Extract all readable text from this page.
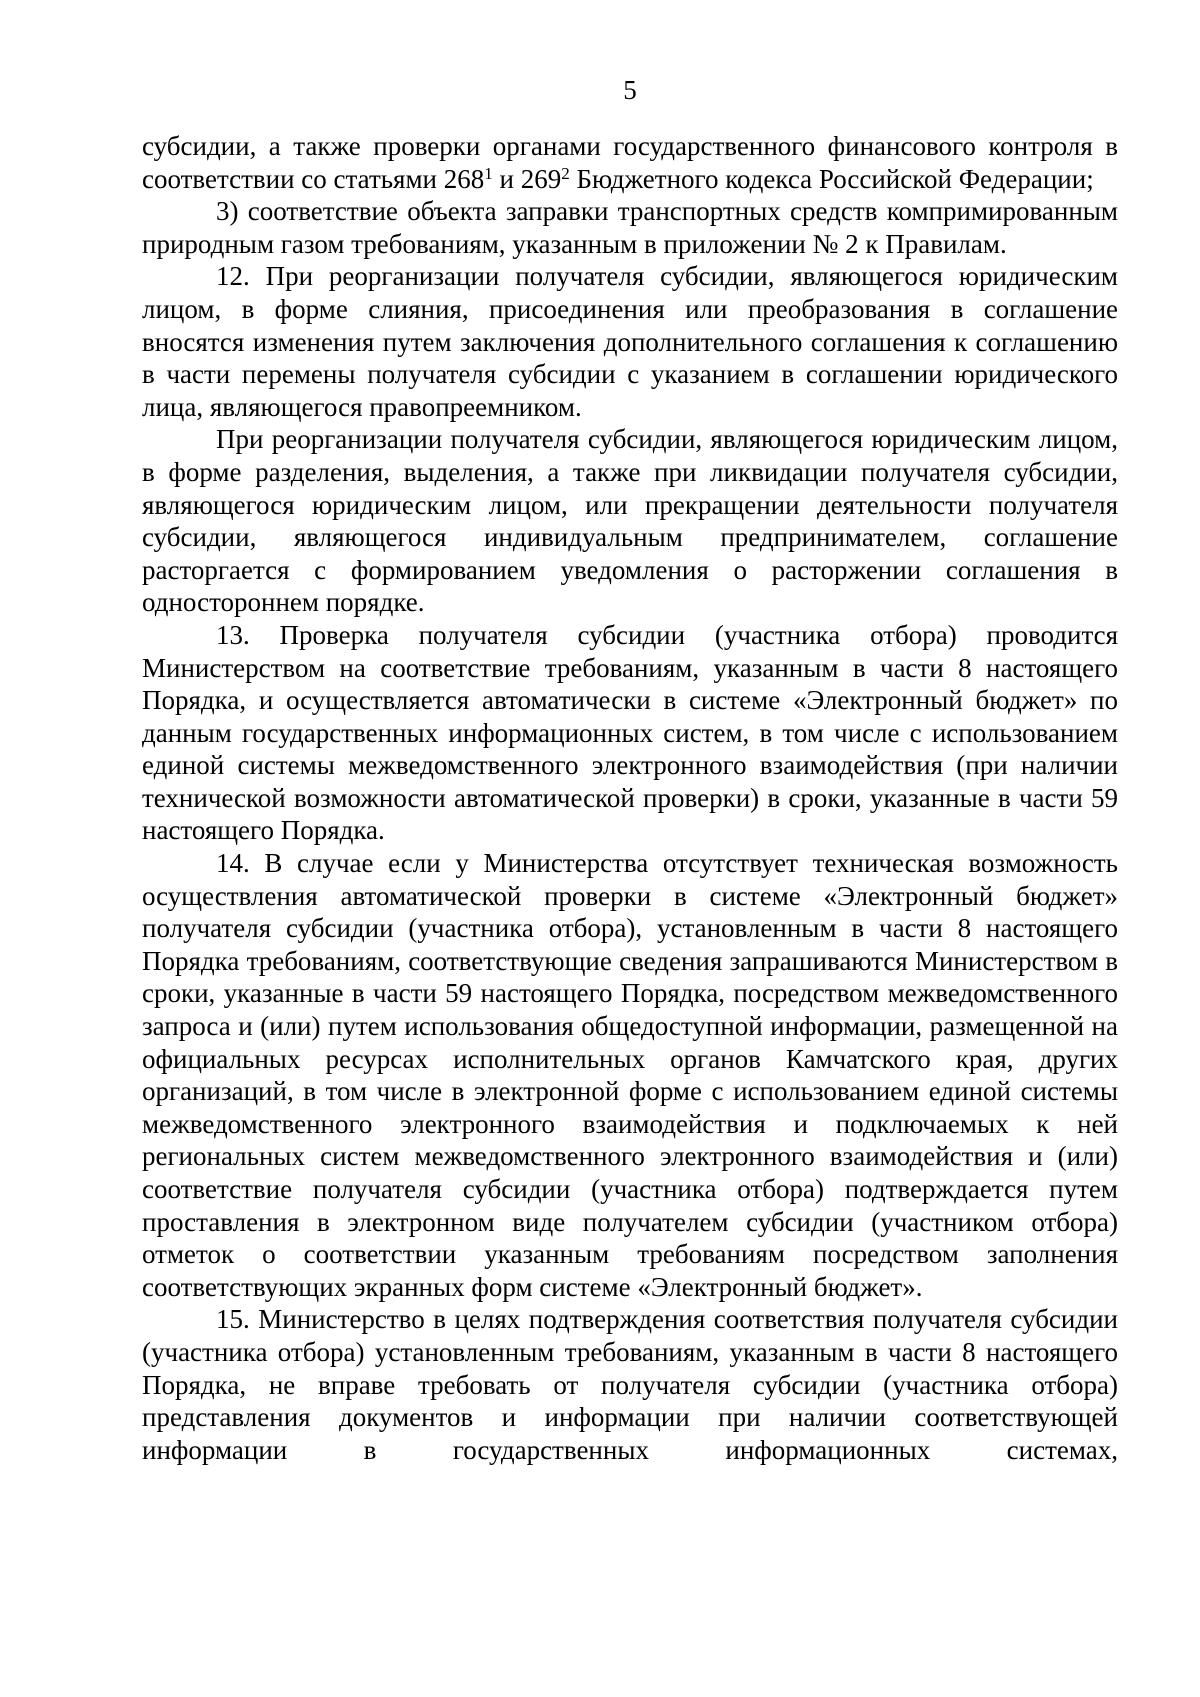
5

субсидии, а также проверки органами государственного финансового контроля в соответствии со статьями $268^1$ и $269^2$ Бюджетного кодекса Российской Федерации;

3) соответствие объекта заправки транспортных средств компримированным природным газом требованиям, указанным в приложении № 2 к Правилам.

12. При реорганизации получателя субсидии, являющегося юридическим лицом, в форме слияния, присоединения или преобразования в соглашение вносятся изменения путем заключения дополнительного соглашения к соглашению в части перемены получателя субсидии с указанием в соглашении юридического лица, являющегося правопреемником.

При реорганизации получателя субсидии, являющегося юридическим лицом, в форме разделения, выделения, а также при ликвидации получателя субсидии, являющегося юридическим лицом, или прекращении деятельности получателя субсидии, являющегося индивидуальным предпринимателем, соглашение расторгается с формированием уведомления о расторжении соглашения в одностороннем порядке.

13. Проверка получателя субсидии (участника отбора) проводится Министерством на соответствие требованиям, указанным в части 8 настоящего Порядка, и осуществляется автоматически в системе «Электронный бюджет» по данным государственных информационных систем, в том числе с использованием единой системы межведомственного электронного взаимодействия (при наличии технической возможности автоматической проверки) в сроки, указанные в части 59 настоящего Порядка.

14. В случае если у Министерства отсутствует техническая возможность осуществления автоматической проверки в системе «Электронный бюджет» получателя субсидии (участника отбора), установленным в части 8 настоящего Порядка требованиям, соответствующие сведения запрашиваются Министерством в сроки, указанные в части 59 настоящего Порядка, посредством межведомственного запроса и (или) путем использования общедоступной информации, размещенной на официальных ресурсах исполнительных органов Камчатского края, других организаций, в том числе в электронной форме с использованием единой системы межведомственного электронного взаимодействия и подключаемых к ней региональных систем межведомственного электронного взаимодействия и (или) соответствие получателя субсидии (участника отбора) подтверждается путем проставления в электронном виде получателем субсидии (участником отбора) отметок о соответствии указанным требованиям посредством заполнения соответствующих экранных форм системе «Электронный бюджет».

15. Министерство в целях подтверждения соответствия получателя субсидии (участника отбора) установленным требованиям, указанным в части 8 настоящего Порядка, не вправе требовать от получателя субсидии (участника отбора) представления документов и информации при наличии соответствующей информации в государственных информационных системах,
